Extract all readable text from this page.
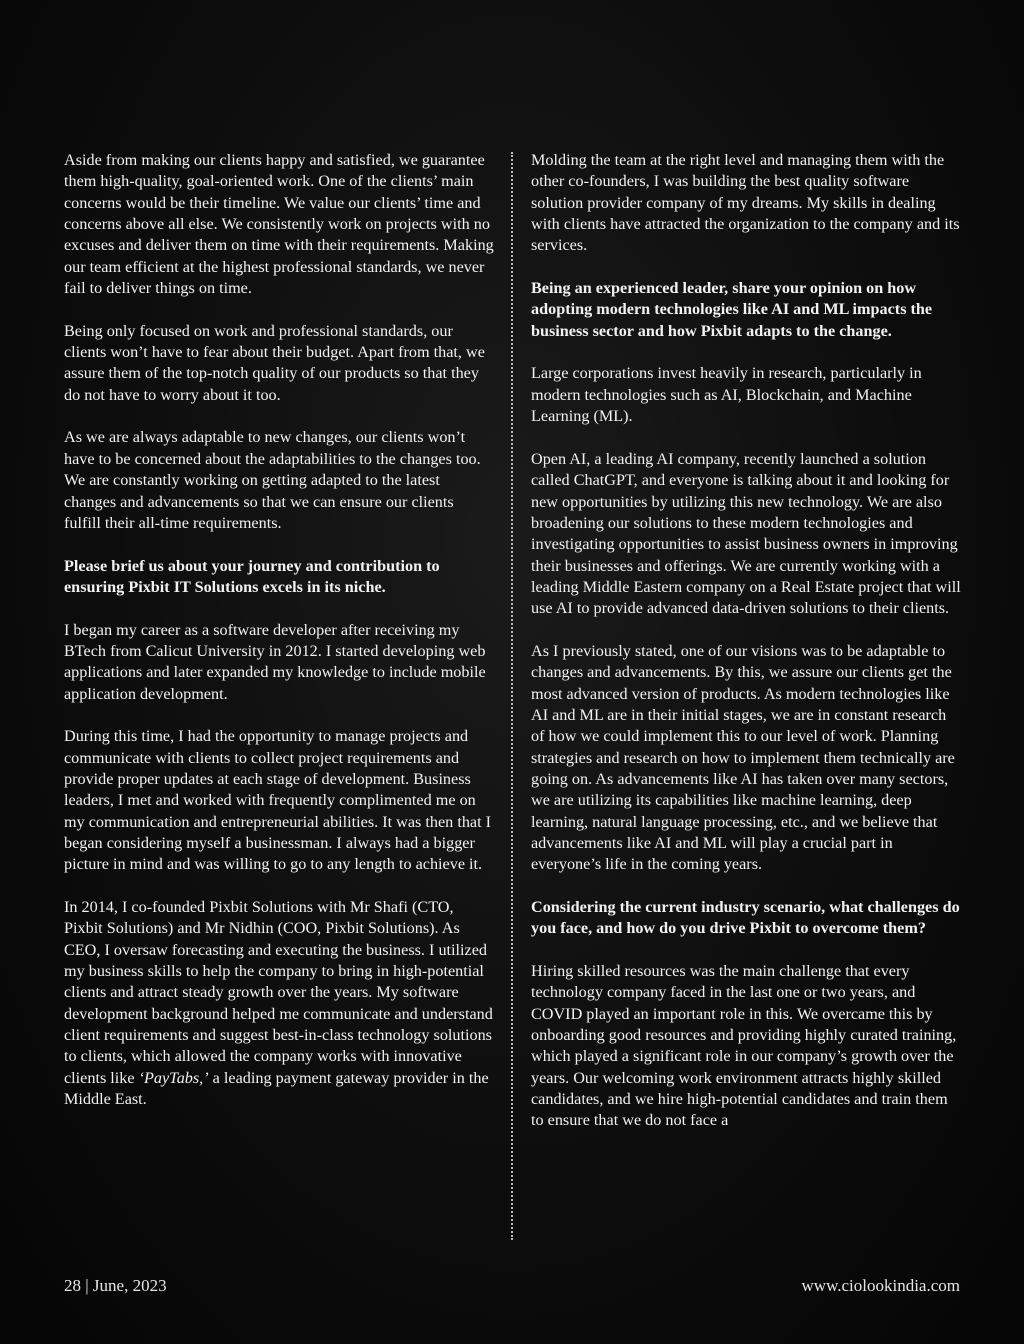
Aside from making our clients happy and satisfied, we guarantee them high-quality, goal-oriented work. One of the clients’ main concerns would be their timeline. We value our clients’ time and concerns above all else. We consistently work on projects with no excuses and deliver them on time with their requirements. Making our team efficient at the highest professional standards, we never fail to deliver things on time.

Being only focused on work and professional standards, our clients won’t have to fear about their budget. Apart from that, we assure them of the top-notch quality of our products so that they do not have to worry about it too.

As we are always adaptable to new changes, our clients won’t have to be concerned about the adaptabilities to the changes too. We are constantly working on getting adapted to the latest changes and advancements so that we can ensure our clients fulfill their all-time requirements.

Please brief us about your journey and contribution to ensuring Pixbit IT Solutions excels in its niche.

I began my career as a software developer after receiving my BTech from Calicut University in 2012. I started developing web applications and later expanded my knowledge to include mobile application development.

During this time, I had the opportunity to manage projects and communicate with clients to collect project requirements and provide proper updates at each stage of development. Business leaders, I met and worked with frequently complimented me on my communication and entrepreneurial abilities. It was then that I began considering myself a businessman. I always had a bigger picture in mind and was willing to go to any length to achieve it.

In 2014, I co-founded Pixbit Solutions with Mr Shafi (CTO, Pixbit Solutions) and Mr Nidhin (COO, Pixbit Solutions). As CEO, I oversaw forecasting and executing the business. I utilized my business skills to help the company to bring in high-potential clients and attract steady growth over the years. My software development background helped me communicate and understand client requirements and suggest best-in-class technology solutions to clients, which allowed the company works with innovative clients like ‘PayTabs,’ a leading payment gateway provider in the Middle East.

Molding the team at the right level and managing them with the other co-founders, I was building the best quality software solution provider company of my dreams. My skills in dealing with clients have attracted the organization to the company and its services.

Being an experienced leader, share your opinion on how adopting modern technologies like AI and ML impacts the business sector and how Pixbit adapts to the change.

Large corporations invest heavily in research, particularly in modern technologies such as AI, Blockchain, and Machine Learning (ML).

Open AI, a leading AI company, recently launched a solution called ChatGPT, and everyone is talking about it and looking for new opportunities by utilizing this new technology. We are also broadening our solutions to these modern technologies and investigating opportunities to assist business owners in improving their businesses and offerings. We are currently working with a leading Middle Eastern company on a Real Estate project that will use AI to provide advanced data-driven solutions to their clients.

As I previously stated, one of our visions was to be adaptable to changes and advancements. By this, we assure our clients get the most advanced version of products. As modern technologies like AI and ML are in their initial stages, we are in constant research of how we could implement this to our level of work. Planning strategies and research on how to implement them technically are going on. As advancements like AI has taken over many sectors, we are utilizing its capabilities like machine learning, deep learning, natural language processing, etc., and we believe that advancements like AI and ML will play a crucial part in everyone’s life in the coming years.

Considering the current industry scenario, what challenges do you face, and how do you drive Pixbit to overcome them?

Hiring skilled resources was the main challenge that every technology company faced in the last one or two years, and COVID played an important role in this. We overcame this by onboarding good resources and providing highly curated training, which played a significant role in our company’s growth over the years. Our welcoming work environment attracts highly skilled candidates, and we hire high-potential candidates and train them to ensure that we do not face a

28 | June, 2023	www.ciolookindia.com
